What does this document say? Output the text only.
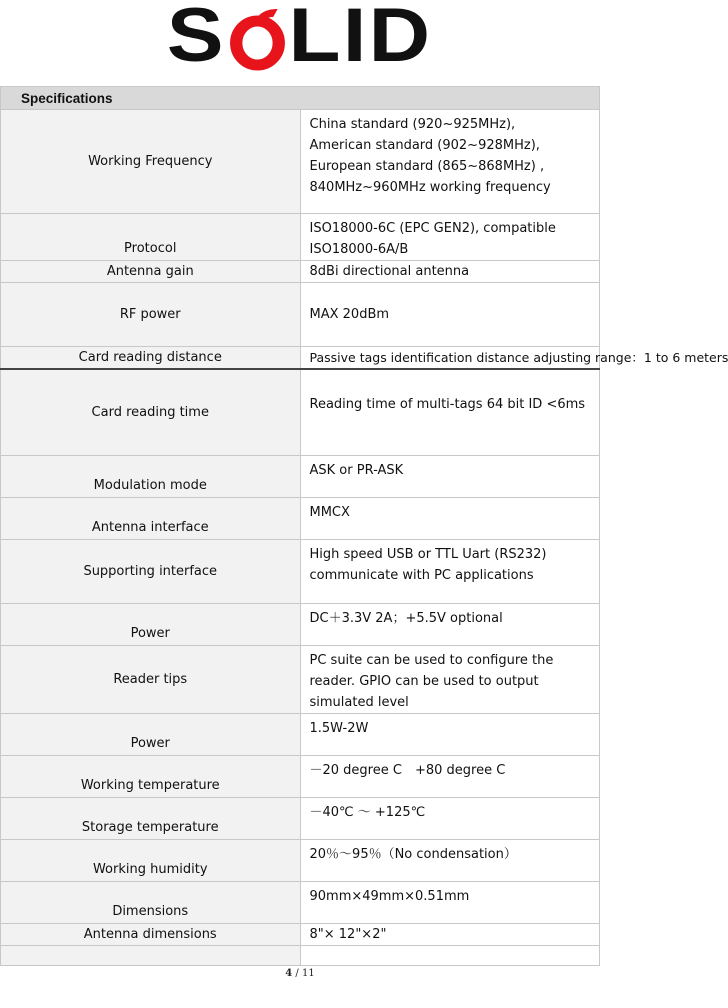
S LID
Specifications	
Working Frequency	China standard (920~925MHz),
American standard (902~928MHz),
European standard (865~868MHz) , 840MHz~960MHz working frequency

Protocol	ISO18000-6C (EPC GEN2), compatible ISO18000-6A/B
Antenna gain	8dBi directional antenna
RF power	MAX 20dBm
Card reading distance	Passive tags identification distance adjusting range：1 to 6 meters
Card reading time	Reading time of multi-tags 64 bit ID <6ms
Modulation mode	ASK or PR-ASK
Antenna interface	MMCX
Supporting interface	High speed USB or TTL Uart (RS232) communicate with PC applications
Power	DC＋3.3V 2A；+5.5V optional
Reader tips	PC suite can be used to configure the reader. GPIO can be used to output simulated level
Power	1.5W-2W
Working temperature	－20 degree C　+80 degree C
Storage temperature	－40℃ ～ +125℃
Working humidity	20％～95％（No condensation）
Dimensions	90mm×49mm×0.51mm
Antenna dimensions	8"× 12"×2"

4 / 11
